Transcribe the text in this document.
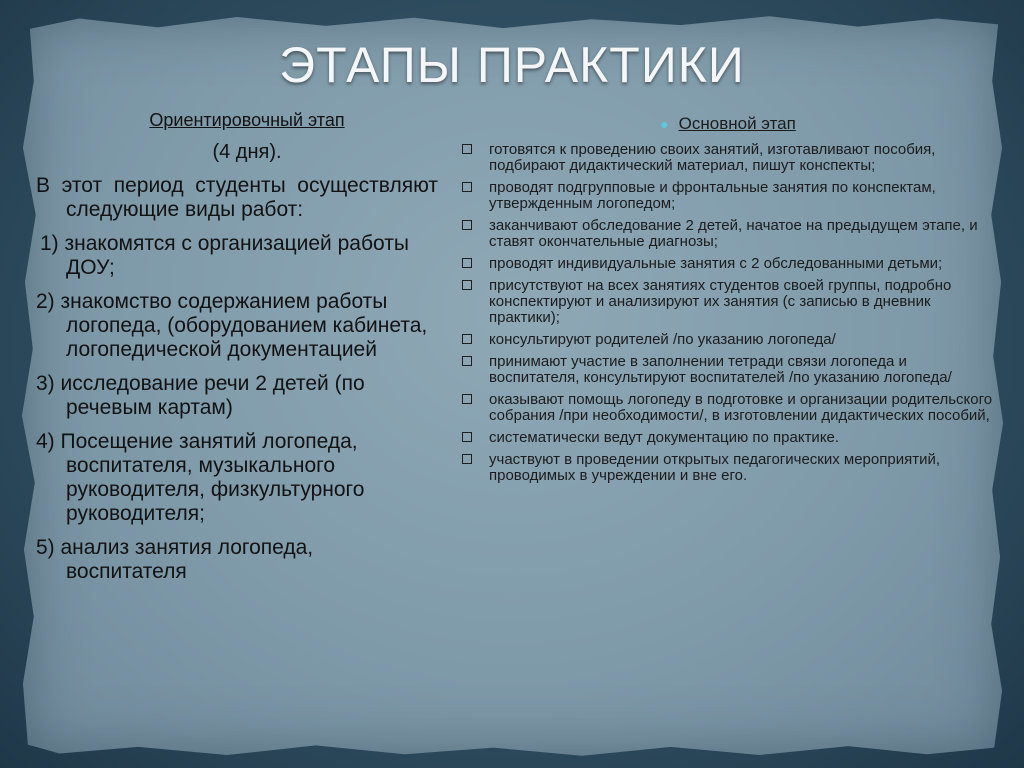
ЭТАПЫ ПРАКТИКИ
Ориентировочный этап
(4 дня).
В этот период студенты осуществляют следующие виды работ:
1) знакомятся с организацией работы ДОУ;
2) знакомство содержанием работы логопеда, (оборудованием кабинета, логопедической документацией
3) исследование речи 2 детей (по речевым картам)
4) Посещение занятий логопеда, воспитателя, музыкального руководителя, физкультурного руководителя;
5) анализ занятия логопеда, воспитателя
● Основной этап
готовятся к проведению своих занятий, изготавливают пособия, подбирают дидактический материал, пишут конспекты;
проводят подгрупповые и фронтальные занятия по конспектам, утвержденным логопедом;
заканчивают обследование 2 детей, начатое на предыдущем этапе, и ставят окончательные диагнозы;
проводят индивидуальные занятия с 2 обследованными детьми;
присутствуют на всех занятиях студентов своей группы, подробно конспектируют и анализируют их занятия (с записью в дневник практики);
консультируют родителей /по указанию логопеда/
принимают участие в заполнении тетради связи логопеда и воспитателя, консультируют воспитателей /по указанию логопеда/
оказывают помощь логопеду в подготовке и организации родительского собрания /при необходимости/, в изготовлении дидактических пособий,
систематически ведут документацию по практике.
участвуют в проведении открытых педагогических мероприятий, проводимых в учреждении и вне его.
